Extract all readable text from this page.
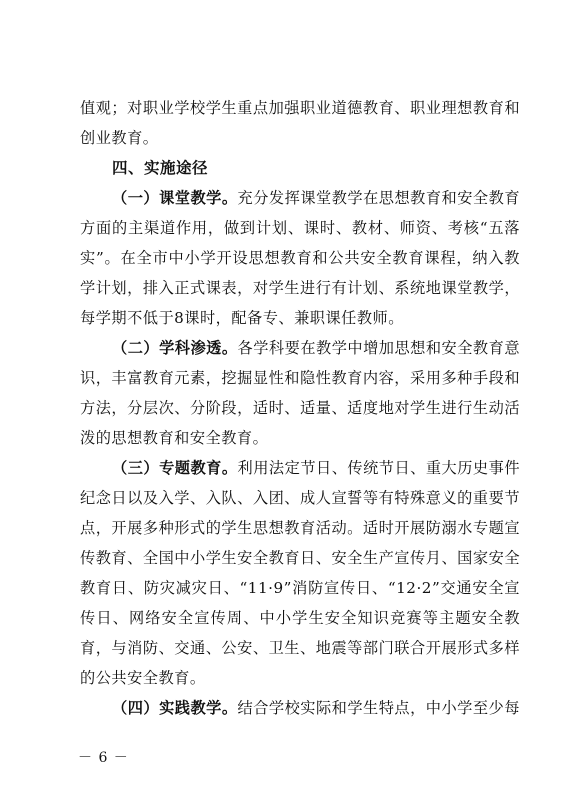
值观；对职业学校学生重点加强职业道德教育、职业理想教育和创业教育。

四、实施途径

（一）课堂教学。充分发挥课堂教学在思想教育和安全教育方面的主渠道作用，做到计划、课时、教材、师资、考核“五落实”。在全市中小学开设思想教育和公共安全教育课程，纳入教学计划，排入正式课表，对学生进行有计划、系统地课堂教学，每学期不低于8课时，配备专、兼职课任教师。

（二）学科渗透。各学科要在教学中增加思想和安全教育意识，丰富教育元素，挖掘显性和隐性教育内容，采用多种手段和方法，分层次、分阶段，适时、适量、适度地对学生进行生动活泼的思想教育和安全教育。

（三）专题教育。利用法定节日、传统节日、重大历史事件纪念日以及入学、入队、入团、成人宣誓等有特殊意义的重要节点，开展多种形式的学生思想教育活动。适时开展防溺水专题宣传教育、全国中小学生安全教育日、安全生产宣传月、国家安全教育日、防灾减灾日、“11·9”消防宣传日、“12·2”交通安全宣传日、网络安全宣传周、中小学生安全知识竞赛等主题安全教育，与消防、交通、公安、卫生、地震等部门联合开展形式多样的公共安全教育。

（四）实践教学。结合学校实际和学生特点，中小学至少每

－ 6 －
